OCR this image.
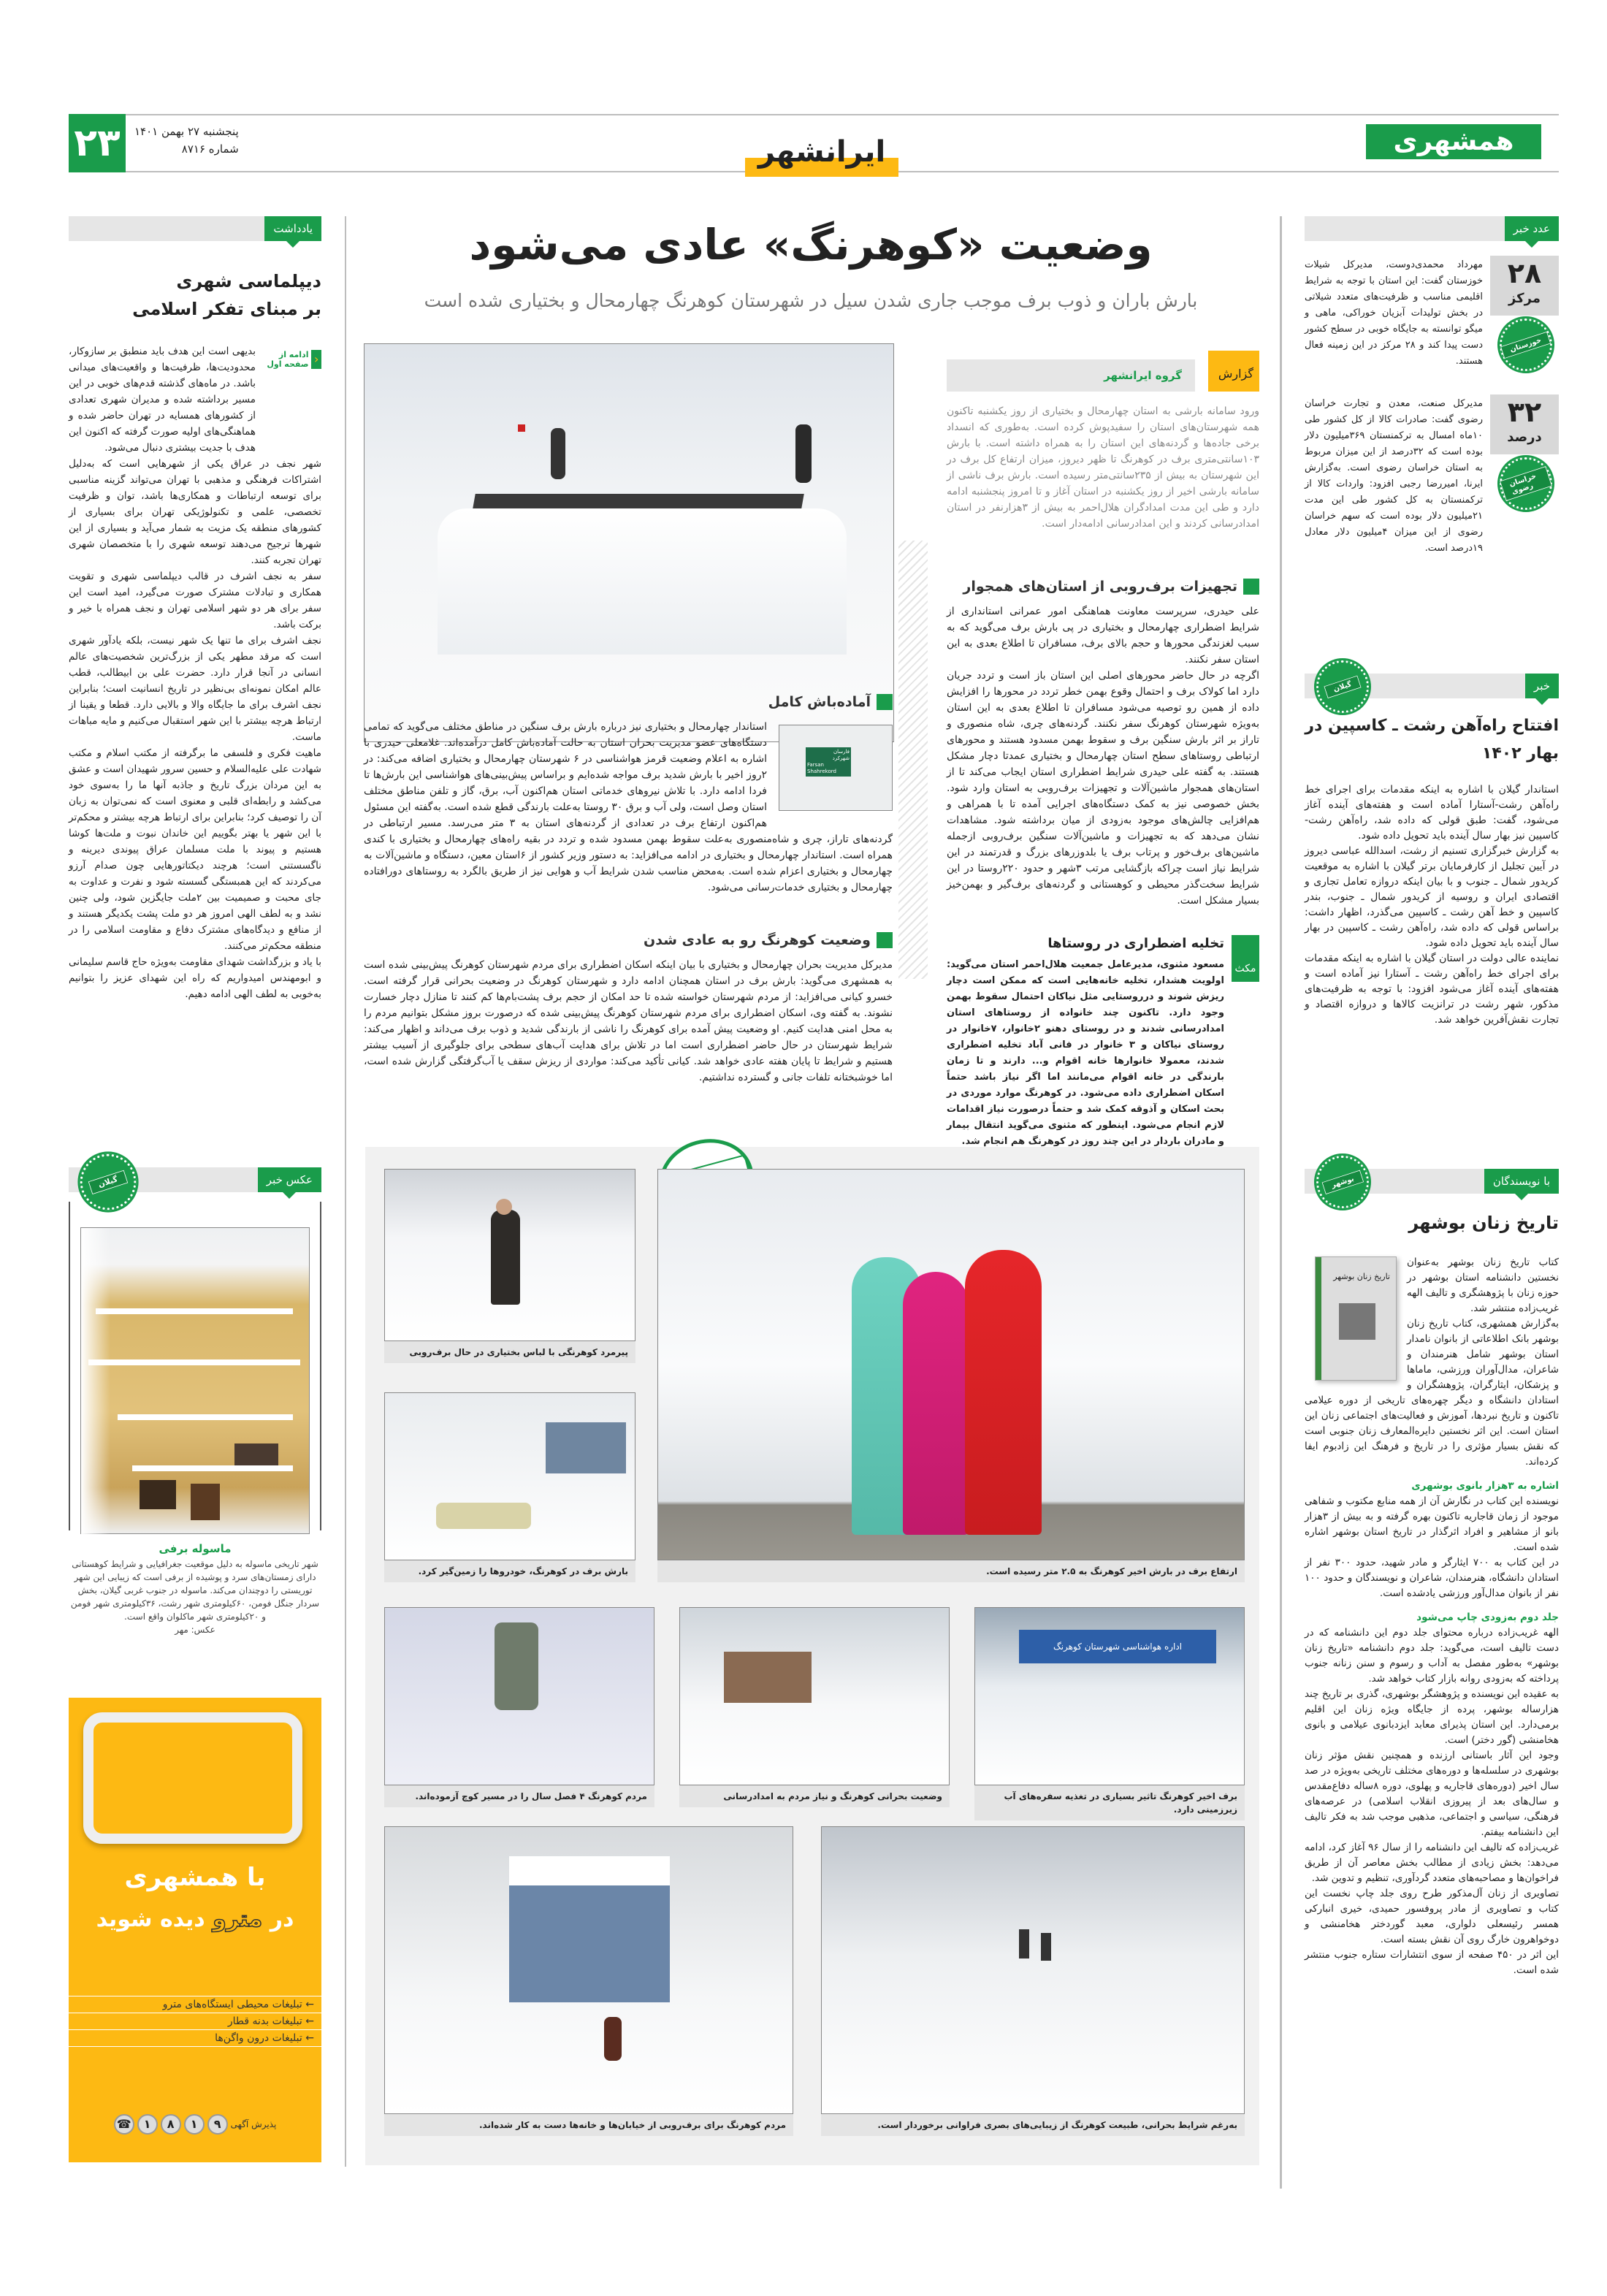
۲۳	پنجشنبه ۲۷ بهمن ۱۴۰۱
شماره ۸۷۱۶	ایرانشهر	همشهری
یادداشت
دیپلماسی شهری
بر مبنای تفکر اسلامی
‹
ادامه از صفحه اول

بدیهی است این هدف باید منطبق بر سازوکار، محدودیت‌ها، ظرفیت‌ها و واقعیت‌های میدانی باشد. در ماه‌های گذشته قدم‌های خوبی در این مسیر برداشته شده و مدیران شهری تعدادی از کشورهای همسایه در تهران حاضر شده و هماهنگی‌های اولیه صورت گرفته که اکنون این هدف با جدیت بیشتری دنبال می‌شود.

شهر نجف در عراق یکی از شهرهایی است که به‌دلیل اشتراکات فرهنگی و مذهبی با تهران می‌تواند گزینه مناسبی برای توسعه ارتباطات و همکاری‌ها باشد، توان و ظرفیت تخصصی، علمی و تکنولوژیکی تهران برای بسیاری از کشورهای منطقه یک مزیت به شمار می‌آید و بسیاری از این شهرها ترجیح می‌دهند توسعه شهری را با متخصصان شهری تهران تجربه کنند.

سفر به نجف اشرف در قالب دیپلماسی شهری و تقویت همکاری و تبادلات مشترک صورت می‌گیرد، امید است این سفر برای هر دو شهر اسلامی تهران و نجف همراه با خیر و برکت باشد.

نجف اشرف برای ما تنها یک شهر نیست، بلکه یادآور شهری است که مرقد مطهر یکی از بزرگ‌ترین شخصیت‌های عالم انسانی در آنجا قرار دارد. حضرت علی بن ابیطالب، قطب عالم امکان نمونه‌ای بی‌نظیر در تاریخ انسانیت است؛ بنابراین نجف اشرف برای ما جایگاه والا و بالایی دارد. قطعا و یقینا از ارتباط هرچه بیشتر با این شهر استقبال می‌کنیم و مایه مباهات ماست.

ماهیت فکری و فلسفی ما برگرفته از مکتب اسلام و مکتب شهادت علی علیه‌السلام و حسین سرور شهیدان است و عشق به این مردان بزرگ تاریخ و جاذبه آنها ما را به‌سوی خود می‌کشد و رابطه‌ای قلبی و معنوی است که نمی‌توان به زبان آن را توصیف کرد؛ بنابراین برای ارتباط هرچه بیشتر و محکم‌تر با این شهر یا بهتر بگوییم این خاندان نبوت و ملت‌ها کوشا هستیم و پیوند با ملت مسلمان عراق پیوندی دیرینه و ناگسستنی است؛ هرچند دیکتاتورهایی چون صدام آرزو می‌کردند که این همبستگی گسسته شود و نفرت و عداوت به جای محبت و صمیمیت بین ۲ملت جایگزین شود، ولی چنین نشد و به لطف الهی امروز هر دو ملت پشت یکدیگر هستند و از منافع و دیدگاه‌های مشترک دفاع و مقاومت اسلامی را در منطقه محکم‌تر می‌کنند.

با یاد و بزرگداشت شهدای مقاومت به‌ویژه حاج قاسم سلیمانی و ابومهندس امیدواریم که راه این شهدای عزیز را بتوانیم به‌خوبی به لطف الهی ادامه دهیم.

عکس خبر
گیلان
ماسوله برفی
شهر تاریخی ماسوله به دلیل موقعیت جغرافیایی و شرایط کوهستانی دارای زمستان‌های سرد و پوشیده از برفی است که زیبایی این شهر توریستی را دوچندان می‌کند. ماسوله در جنوب غربی گیلان، بخش سردار جنگل فومن، ۶۰کیلومتری شهر رشت، ۳۶کیلومتری شهر فومن و ۲۰کیلومتری شهر ماکلوان واقع است.
عکس: مهر
با همشهری
در مترو دیده شوید
← تبلیغات محیطی ایستگاه‌های مترو
← تبلیغات بدنه قطار
← تبلیغات درون واگن‌ها
پذیرش آگهی
۹
۱
۸
۱
☎
وضعیت «کوهرنگ» عادی می‌شود
بارش باران و ذوب برف موجب جاری شدن سیل در شهرستان کوهرنگ چهارمحال و بختیاری شده است
گروه ایرانشهر	گزارش
ورود سامانه بارشی به استان چهارمحال و بختیاری از روز یکشنبه تاکنون همه شهرستان‌های استان را سفیدپوش کرده است. به‌طوری که انسداد برخی جاده‌ها و گردنه‌های این استان را به همراه داشته است. با بارش ۱۰۳سانتی‌متری برف در کوهرنگ تا ظهر دیروز، میزان ارتفاع کل برف در این شهرستان به بیش از ۲۳۵سانتی‌متر رسیده است. بارش برف ناشی از سامانه بارشی اخیر از روز یکشنبه در استان آغاز و تا امروز پنجشنبه ادامه دارد و طی این مدت امدادگران هلال‌احمر به بیش از ۳هزارنفر در استان امدادرسانی کردند و این امدادرسانی ادامه‌دار است.
تجهیزات برف‌روبی از استان‌های همجوار

علی حیدری، سرپرست معاونت هماهنگی امور عمرانی استانداری از شرایط اضطراری چهارمحال و بختیاری در پی بارش برف می‌گوید که به سبب لغزندگی محورها و حجم بالای برف، مسافران تا اطلاع بعدی به این استان سفر نکنند.

اگرچه در حال حاضر محورهای اصلی این استان باز است و تردد جریان دارد اما کولاک برف و احتمال وقوع بهمن خطر تردد در محورها را افزایش داده از همین رو توصیه می‌شود مسافران تا اطلاع بعدی به این استان به‌ویژه شهرستان کوهرنگ سفر نکنند. گردنه‌های چری، شاه منصوری و تاراز بر اثر بارش سنگین برف و سقوط بهمن مسدود هستند و محورهای ارتباطی روستاهای سطح استان چهارمحال و بختیاری عمدتا دچار مشکل هستند. به گفته علی حیدری شرایط اضطراری استان ایجاب می‌کند تا از استان‌های همجوار ماشین‌آلات و تجهیزات برف‌روبی به استان وارد شود. بخش خصوصی نیز به کمک دستگاه‌های اجرایی آمده تا با همراهی و هم‌افزایی چالش‌های موجود به‌زودی از میان برداشته شود. مشاهدات نشان می‌دهد که به تجهیزات و ماشین‌آلات سنگین برف‌روبی ازجمله ماشین‌های برف‌خور و پرتاب برف یا بلدوزرهای بزرگ و قدرتمند در این شرایط نیاز است چراکه بازگشایی مرتب ۳شهر و حدود ۲۲۰روستا در این شرایط سخت‌گذر محیطی و کوهستانی و گردنه‌های برف‌گیر و بهمن‌خیز بسیار مشکل است.

آماده‌باش کامل
فارسان
شهرکرد
Farsan
Shahrekord

استاندار چهارمحال و بختیاری نیز درباره بارش برف سنگین در مناطق مختلف می‌گوید که تمامی دستگاه‌های عضو مدیریت بحران استان به حالت آماده‌باش کامل درآمده‌اند. غلامعلی حیدری با اشاره به اعلام وضعیت قرمز هواشناسی در ۶ شهرستان چهارمحال و بختیاری اضافه می‌کند: در ۲روز اخیر با بارش شدید برف مواجه شده‌ایم و براساس پیش‌بینی‌های هواشناسی این بارش‌ها تا فردا ادامه دارد. با تلاش نیروهای خدماتی استان هم‌اکنون آب، برق، گاز و تلفن مناطق مختلف استان وصل است، ولی آب و برق ۳۰ روستا به‌علت بارندگی قطع شده است. به‌گفته این مسئول هم‌اکنون ارتفاع برف در تعدادی از گردنه‌های استان به ۳ متر می‌رسد. مسیر ارتباطی در گردنه‌های تاراز، چری و شاه‌منصوری به‌علت سقوط بهمن مسدود شده و تردد در بقیه راه‌های چهارمحال و بختیاری با کندی همراه است. استاندار چهارمحال و بختیاری در ادامه می‌افزاید: به دستور وزیر کشور از ۶استان معین، دستگاه و ماشین‌آلات به چهارمحال و بختیاری اعزام شده است. به‌محض مناسب شدن شرایط آب و هوایی نیز از طریق بالگرد به روستاهای دورافتاده چهارمحال و بختیاری خدمات‌رسانی می‌شود.

وضعیت کوهرنگ رو به عادی شدن

مدیرکل مدیریت بحران چهارمحال و بختیاری با بیان اینکه اسکان اضطراری برای مردم شهرستان کوهرنگ پیش‌بینی شده است به همشهری می‌گوید: بارش برف در استان همچنان ادامه دارد و شهرستان کوهرنگ در وضعیت بحرانی قرار گرفته است. خسرو کیانی می‌افزاید: از مردم شهرستان خواسته شده تا حد امکان از حجم برف پشت‌بام‌ها کم کنند تا منازل دچار خسارت نشوند. به گفته وی، اسکان اضطراری برای مردم شهرستان کوهرنگ پیش‌بینی شده که درصورت بروز مشکل بتوانیم مردم را به محل امنی هدایت کنیم. او وضعیت پیش آمده برای کوهرنگ را ناشی از بارندگی شدید و ذوب برف می‌داند و اظهار می‌کند: شرایط شهرستان در حال حاضر اضطراری است اما در تلاش برای هدایت آب‌های سطحی برای جلوگیری از آسیب بیشتر هستیم و شرایط تا پایان هفته عادی خواهد شد. کیانی تأکید می‌کند: مواردی از ریزش سقف یا آب‌گرفتگی گزارش شده است، اما خوشبختانه تلفات جانی و گسترده نداشتیم.

مکث
تخلیه اضطراری در روستاها
مسعود مثنوی، مدیرعامل جمعیت هلال‌احمر استان می‌گوید: اولویت هشدار، تخلیه خانه‌هایی است که ممکن است دچار ریزش شوند و درروستایی مثل نیاکان احتمال سقوط بهمن وجود دارد. تاکنون چند خانواده از روستاهای استان امدادرسانی شدند و در روستای دهنو ۲خانوار، ۷خانوار در روستای نیاکان و ۳ خانوار در فانی آباد تخلیه اضطراری شدند، معمولا خانوارها خانه اقوام و... دارند و تا زمان بارندگی در خانه اقوام می‌مانند اما اگر نیاز باشد حتماً اسکان اضطراری داده می‌شود. در کوهرنگ موارد موردی در بحث اسکان و آذوقه کمک شد و حتماً درصورت نیاز اقدامات لازم انجام می‌شود. اینطور که مثنوی می‌گوید انتقال بیمار و مادران باردار در این چند روز در کوهرنگ هم انجام شد.
پیرمرد کوهرنگی با لباس بختیاری در حال برف‌روبی
ارتفاع برف در بارش اخیر کوهرنگ به ۲.۵ متر رسیده است.
بارش برف در کوهرنگ، خودروها را زمین‌گیر کرد.
اداره هواشناسی شهرستان کوهرنگ
برف اخیر کوهرنگ تاثیر بسیاری در تغذیه سفره‌های آب زیرزمینی دارد.
وضعیت بحرانی کوهرنگ و نیاز مردم به امدادرسانی
مردم کوهرنگ ۴ فصل سال را در مسیر کوچ آزموده‌اند.
به‌رغم شرایط بحرانی، طبیعت کوهرنگ از زیبایی‌های بصری فراوانی برخوردار است.
مردم کوهرنگ برای برف‌روبی از خیابان‌ها و خانه‌ها دست به کار شده‌اند.
عدد خبر
۲۸
مرکز
خوزستان
مهرداد محمدی‌دوست، مدیرکل شیلات خوزستان گفت: این استان با توجه به شرایط اقلیمی مناسب و ظرفیت‌های متعدد شیلاتی در بخش تولیدات آبزیان خوراکی، ماهی و میگو توانسته به جایگاه خوبی در سطح کشور دست پیدا کند و ۲۸ مرکز در این زمینه فعال هستند.
۳۲
درصد
خراسان رضوی
مدیرکل صنعت، معدن و تجارت خراسان رضوی گفت: صادرات کالا از کل کشور طی ۱۰ماه امسال به ترکمنستان ۳۶۹میلیون دلار بوده است که ۳۲درصد از این میزان مربوط به استان خراسان رضوی است. به‌گزارش ایرنا، امیررضا رجبی افزود: واردات کالا از ترکمنستان به کل کشور طی این مدت ۲۱میلیون دلار بوده است که سهم خراسان رضوی از این میزان ۴میلیون دلار معادل ۱۹درصد است.
خبر
گیلان
افتتاح راه‌آهن رشت ـ کاسپین در بهار ۱۴۰۲

استاندار گیلان با اشاره به اینکه مقدمات برای اجرای خط راه‌آهن رشت-آستارا آماده است و هفته‌های آینده آغاز می‌شود، گفت: طبق قولی که داده شد، راه‌آهن رشت-کاسپین نیز بهار سال آینده باید تحویل داده شود.

به گزارش خبرگزاری تسنیم از رشت، اسدالله عباسی دیروز در آیین تجلیل از کارفرمایان برتر گیلان با اشاره به موقعیت کریدور شمال ـ جنوب و با بیان اینکه دروازه تعامل تجاری و اقتصادی ایران و روسیه از کریدور شمال ـ جنوب، بندر کاسپین و خط آهن رشت ـ کاسپین می‌گذرد، اظهار داشت: براساس قولی که داده شد، راه‌آهن رشت ـ کاسپین در بهار سال آینده باید تحویل داده شود.

نماینده عالی دولت در استان گیلان با اشاره به اینکه مقدمات برای اجرای خط راه‌آهن رشت ـ آستارا نیز آماده است و هفته‌های آینده آغاز می‌شود افزود: با توجه به ظرفیت‌های مذکور، شهر رشت در ترانزیت کالاها و دروازه اقتصاد و تجارت نقش‌آفرین خواهد شد.

با نویسندگان
بوشهر
تاریخ زنان بوشهر
تاریخ زنان بوشهر

کتاب تاریخ زنان بوشهر به‌عنوان نخستین دانشنامه استان بوشهر در حوزه زنان با پژوهشگری و تالیف الهه غریب‌زاده منتشر شد.

به‌گزارش همشهری، کتاب تاریخ زنان بوشهر بانک اطلاعاتی از بانوان نامدار استان بوشهر شامل هنرمندان و شاعران، مدال‌آوران ورزشی، ماماها و پزشکان، ایثارگران، پژوهشگران و استادان دانشگاه و دیگر چهره‌های تاریخی از دوره عیلامی تاکنون و تاریخ نبردها، آموزش و فعالیت‌های اجتماعی زنان این استان است. این اثر نخستین دایره‌المعارف زنان جنوبی است که نقش بسیار مؤثری را در تاریخ و فرهنگ این زادبوم ایفا کرده‌اند.

اشاره به ۳هزار بانوی بوشهری

نویسنده این کتاب در نگارش آن از همه منابع مکتوب و شفاهی موجود از زمان قاجاریه تاکنون بهره گرفته و به بیش از ۳هزار بانو از مشاهیر و افراد اثرگذار در تاریخ استان بوشهر اشاره شده است.

در این کتاب به ۷۰۰ ایثارگر و مادر شهید، حدود ۳۰۰ نفر از استادان دانشگاه، هنرمندان، شاعران و نویسندگان و حدود ۱۰۰ نفر از بانوان مدال‌آور ورزشی یادشده است.

جلد دوم به‌زودی چاپ می‌شود

الهه غریب‌زاده درباره محتوای جلد دوم این دانشنامه که در دست تالیف است، می‌گوید: جلد دوم دانشنامه «تاریخ زنان بوشهر» به‌طور مفصل به آداب و رسوم و سنن زنانه جنوب پرداخته که به‌زودی روانه بازار کتاب خواهد شد.

به عقیده این نویسنده و پژوهشگر بوشهری، گذری بر تاریخ چند هزارساله بوشهر، پرده از جایگاه ویژه زنان این اقلیم برمی‌دارد. این استان پذیرای معابد ایزدبانوی عیلامی و بانوی هخامنشی (گور دختر) است.

وجود این آثار باستانی ارزنده و همچنین نقش مؤثر زنان بوشهری در سلسله‌ها و دوره‌های مختلف تاریخی به‌ویژه در صد سال اخیر (دوره‌های قاجاریه و پهلوی، دوره ۸ساله دفاع‌مقدس و سال‌های بعد از پیروزی انقلاب اسلامی) در عرصه‌های فرهنگی، سیاسی و اجتماعی، مذهبی موجب شد به فکر تالیف این دانشنامه بیفتم.

غریب‌زاده که تالیف این دانشنامه را از سال ۹۶ آغاز کرد، ادامه می‌دهد: بخش زیادی از مطالب بخش معاصر آن از طریق فراخوان‌ها و مصاحبه‌های متعدد گردآوری، تنظیم و تدوین شد.

تصاویری از زنان آل‌مذکور طرح روی جلد چاپ نخست این کتاب و تصاویری از مادر پروفسور حمیدی، خیری انبارکی همسر رئیسعلی دلواری، معبد گوردختر هخامنشی و دوخواهرون خارگ روی آن نقش بسته است.

این اثر در ۴۵۰ صفحه از سوی انتشارات ستاره جنوب منتشر شده است.
